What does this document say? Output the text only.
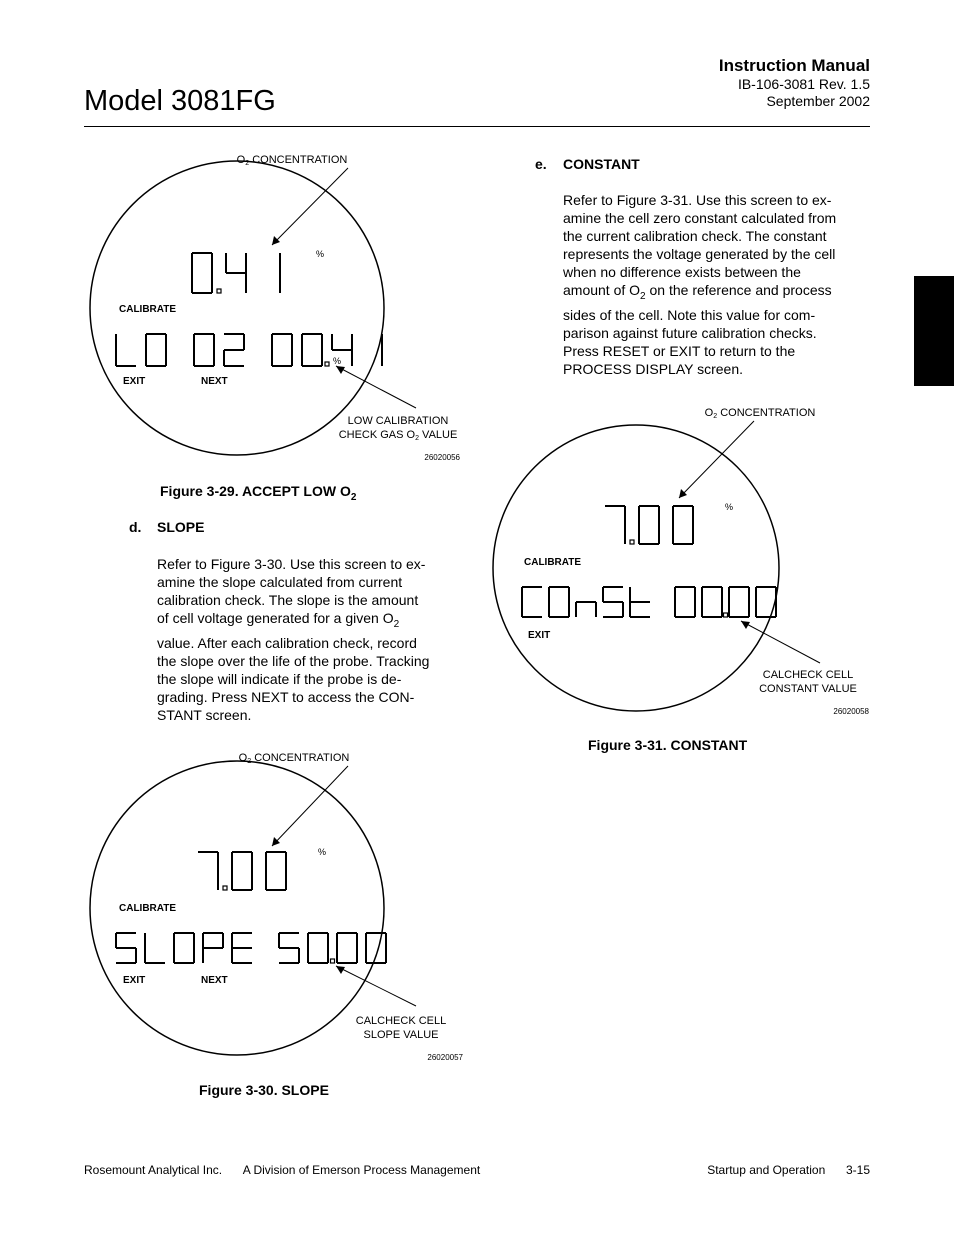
Model 3081FG
Instruction Manual
IB-106-3081 Rev. 1.5
September 2002
O2 CONCENTRATION
%
CALIBRATE
%
EXIT	NEXT
LOW CALIBRATION
CHECK GAS O2 VALUE
26020056
Figure 3-29. ACCEPT LOW $O_2$
d. SLOPE
Refer to Figure 3-30. Use this screen to ex-
amine the slope calculated from current
calibration check. The slope is the amount
of cell voltage generated for a given $O_2$
value. After each calibration check, record
the slope over the life of the probe. Tracking
the slope will indicate if the probe is de-
grading. Press NEXT to access the CON-
STANT screen.
O2 CONCENTRATION
%
CALIBRATE
EXIT	NEXT
CALCHECK CELL
SLOPE VALUE
26020057
Figure 3-30. SLOPE
e. CONSTANT
Refer to Figure 3-31. Use this screen to ex-
amine the cell zero constant calculated from
the current calibration check. The constant
represents the voltage generated by the cell
when no difference exists between the
amount of $O_2$ on the reference and process
sides of the cell. Note this value for com-
parison against future calibration checks.
Press RESET or EXIT to return to the
PROCESS DISPLAY screen.
O2 CONCENTRATION
%
CALIBRATE
EXIT
CALCHECK CELL
CONSTANT VALUE
26020058
Figure 3-31. CONSTANT
Rosemount Analytical Inc. A Division of Emerson Process Management	Startup and Operation 3-15
